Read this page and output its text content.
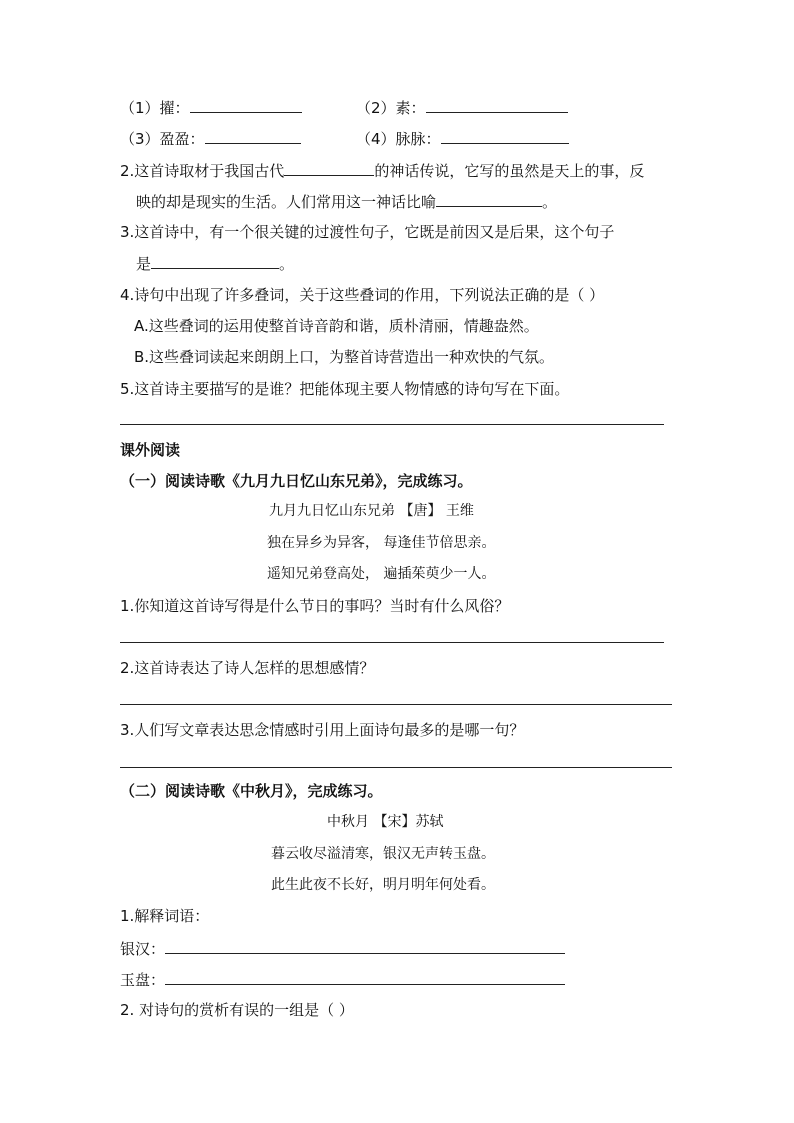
（1）擢：	（2）素：
（3）盈盈：	（4）脉脉：
2.这首诗取材于我国古代	的神话传说，它写的虽然是天上的事，反
映的却是现实的生活。人们常用这一神话比喻	。
3.这首诗中，有一个很关键的过渡性句子，它既是前因又是后果，这个句子
是	。
4.诗句中出现了许多叠词，关于这些叠词的作用，下列说法正确的是（ ）
A.这些叠词的运用使整首诗音韵和谐，质朴清丽，情趣盎然。
B.这些叠词读起来朗朗上口，为整首诗营造出一种欢快的气氛。
5.这首诗主要描写的是谁？把能体现主要人物情感的诗句写在下面。
课外阅读
（一）阅读诗歌《九月九日忆山东兄弟》，完成练习。
九月九日忆山东兄弟 【唐】 王维
独在异乡为异客， 每逢佳节倍思亲。
遥知兄弟登高处， 遍插茱萸少一人。
1.你知道这首诗写得是什么节日的事吗？当时有什么风俗？
2.这首诗表达了诗人怎样的思想感情？
3.人们写文章表达思念情感时引用上面诗句最多的是哪一句？
（二）阅读诗歌《中秋月》，完成练习。
中秋月 【宋】苏轼
暮云收尽溢清寒，银汉无声转玉盘。
此生此夜不长好，明月明年何处看。
1.解释词语：
银汉：
玉盘：
2. 对诗句的赏析有误的一组是（ ）
